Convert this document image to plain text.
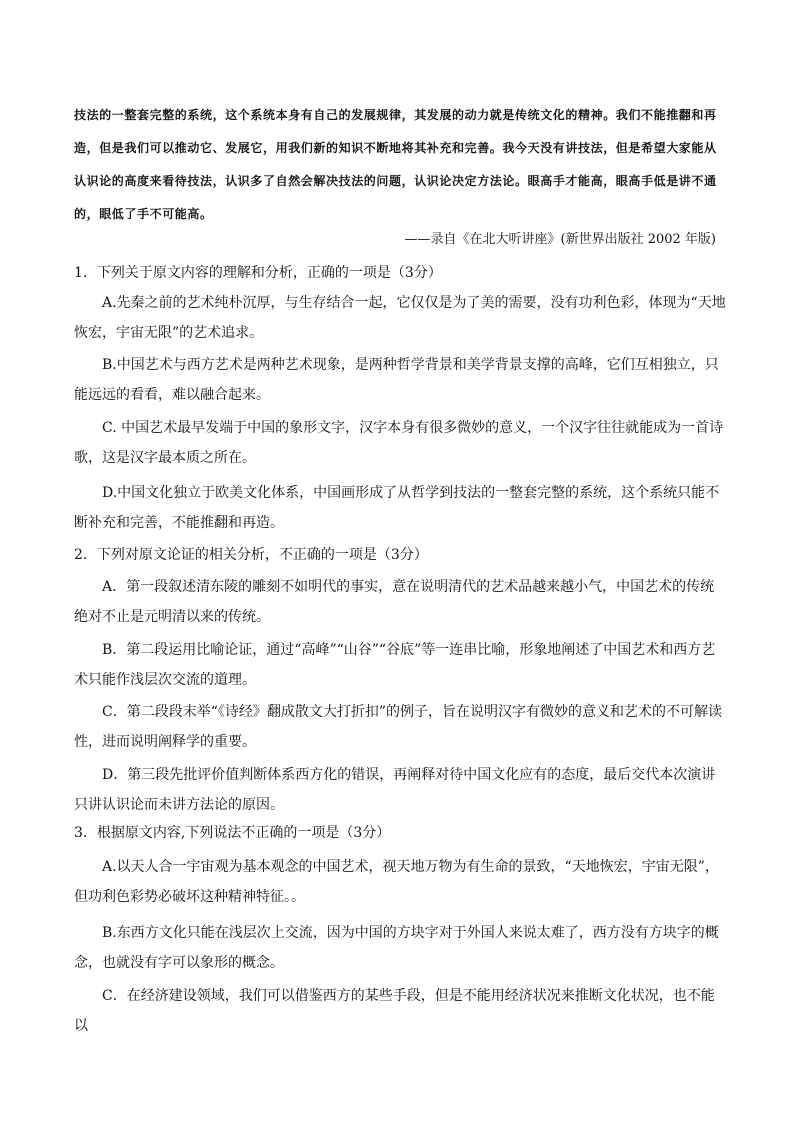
技法的一整套完整的系统，这个系统本身有自己的发展规律，其发展的动力就是传统文化的精神。我们不能推翻和再造，但是我们可以推动它、发展它，用我们新的知识不断地将其补充和完善。我今天没有讲技法，但是希望大家能从认识论的高度来看待技法，认识多了自然会解决技法的问题，认识论决定方法论。眼高手才能高，眼高手低是讲不通的，眼低了手不可能高。
——录自《在北大听讲座》(新世界出版社 2002 年版)
1．下列关于原文内容的理解和分析，正确的一项是（3分）
A.先秦之前的艺术纯朴沉厚，与生存结合一起，它仅仅是为了美的需要，没有功利色彩，体现为“天地恢宏，宇宙无限”的艺术追求。
B.中国艺术与西方艺术是两种艺术现象，是两种哲学背景和美学背景支撑的高峰，它们互相独立，只能远远的看看，难以融合起来。
C. 中国艺术最早发端于中国的象形文字，汉字本身有很多微妙的意义，一个汉字往往就能成为一首诗歌，这是汉字最本质之所在。
D.中国文化独立于欧美文化体系，中国画形成了从哲学到技法的一整套完整的系统，这个系统只能不断补充和完善，不能推翻和再造。
2．下列对原文论证的相关分析，不正确的一项是（3分）
A．第一段叙述清东陵的雕刻不如明代的事实，意在说明清代的艺术品越来越小气，中国艺术的传统绝对不止是元明清以来的传统。
B．第二段运用比喻论证，通过“高峰”“山谷”“谷底”等一连串比喻，形象地阐述了中国艺术和西方艺术只能作浅层次交流的道理。
C．第二段段末举“《诗经》翻成散文大打折扣”的例子，旨在说明汉字有微妙的意义和艺术的不可解读性，进而说明阐释学的重要。
D．第三段先批评价值判断体系西方化的错误，再阐释对待中国文化应有的态度，最后交代本次演讲只讲认识论而未讲方法论的原因。
3．根据原文内容,下列说法不正确的一项是（3分）
A.以天人合一宇宙观为基本观念的中国艺术，视天地万物为有生命的景致，“天地恢宏，宇宙无限”，但功利色彩势必破坏这种精神特征。。
B.东西方文化只能在浅层次上交流，因为中国的方块字对于外国人来说太难了，西方没有方块字的概念，也就没有字可以象形的概念。
C．在经济建设领域，我们可以借鉴西方的某些手段，但是不能用经济状况来推断文化状况，也不能以
